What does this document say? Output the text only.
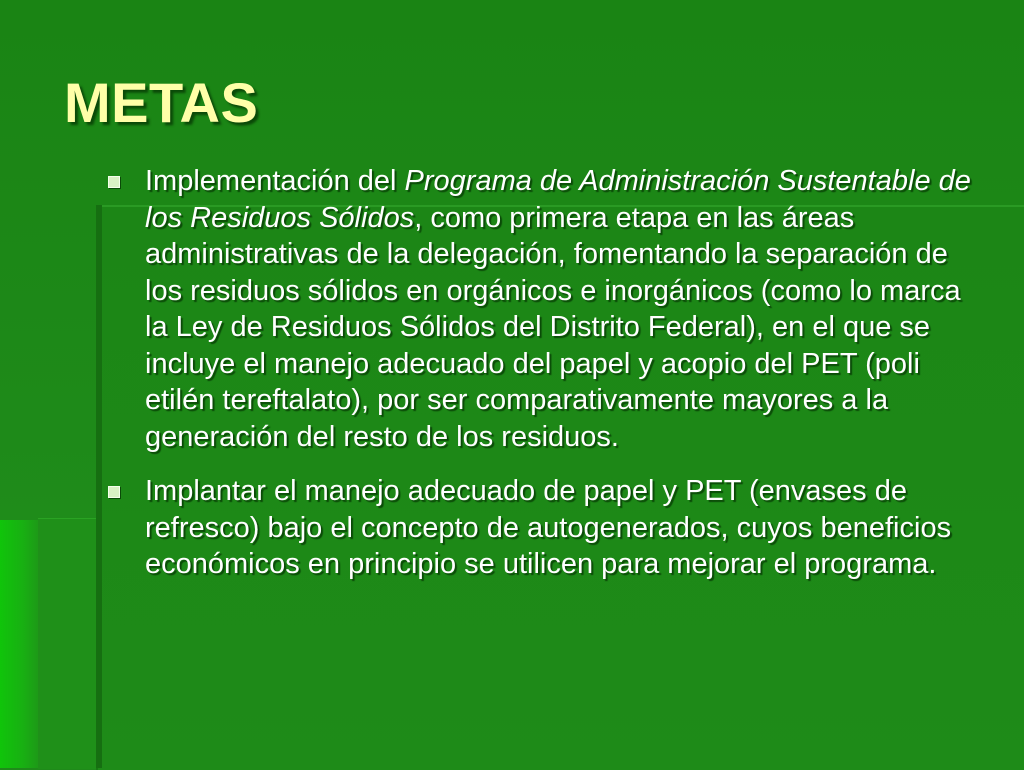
METAS
Implementación del Programa de Administración Sustentable de los Residuos Sólidos, como primera etapa en las áreas administrativas de la delegación, fomentando la separación de los residuos sólidos en orgánicos e inorgánicos (como lo marca la Ley de Residuos Sólidos del Distrito Federal), en el que se incluye el manejo adecuado del papel y acopio del PET (poli etilén tereftalato), por ser comparativamente mayores a la generación del resto de los residuos.
Implantar el manejo adecuado de papel y PET (envases de refresco) bajo el concepto de autogenerados, cuyos beneficios económicos en principio se utilicen para mejorar el programa.
